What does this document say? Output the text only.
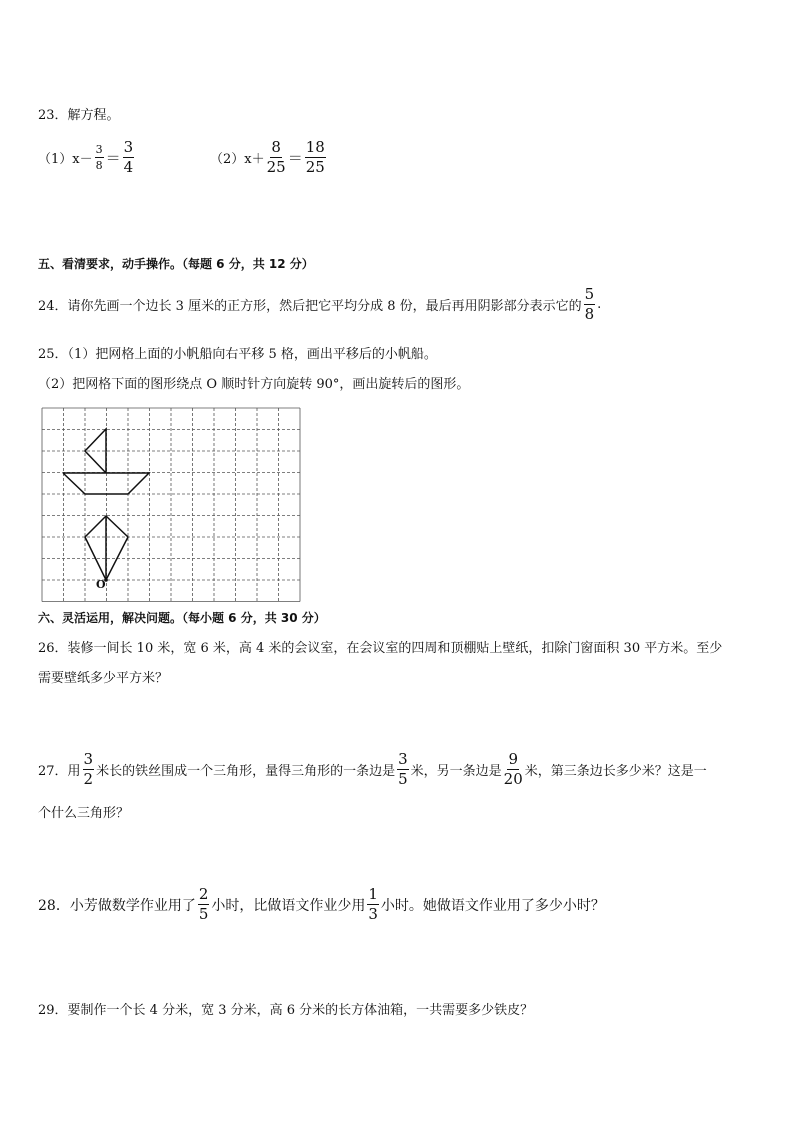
23．解方程。
$(1)x- \frac{3}{8} = \frac{3}{4}$	$(2)x+ \frac{8}{25} = \frac{18}{25}$
五、看清要求，动手操作。（每题 6 分，共 12 分）
24．请你先画一个边长 3 厘米的正方形，然后把它平均分成 8 份，最后再用阴影部分表示它的 $\frac{5}{8}$ .
25．（1）把网格上面的小帆船向右平移 5 格，画出平移后的小帆船。
（2）把网格下面的图形绕点 O 顺时针方向旋转 90°，画出旋转后的图形。
O
六、灵活运用，解决问题。（每小题 6 分，共 30 分）
26．装修一间长 10 米，宽 6 米，高 4 米的会议室，在会议室的四周和顶棚贴上壁纸，扣除门窗面积 30 平方米。至少
需要壁纸多少平方米？
27．用 $\frac{3}{2}$ 米长的铁丝围成一个三角形，量得三角形的一条边是 $\frac{3}{5}$ 米，另一条边是 $\frac{9}{20}$ 米，第三条边长多少米？这是一
个什么三角形？
28．小芳做数学作业用了 $\frac{2}{5}$ 小时，比做语文作业少用 $\frac{1}{3}$ 小时。她做语文作业用了多少小时？
29．要制作一个长 4 分米，宽 3 分米，高 6 分米的长方体油箱，一共需要多少铁皮？
